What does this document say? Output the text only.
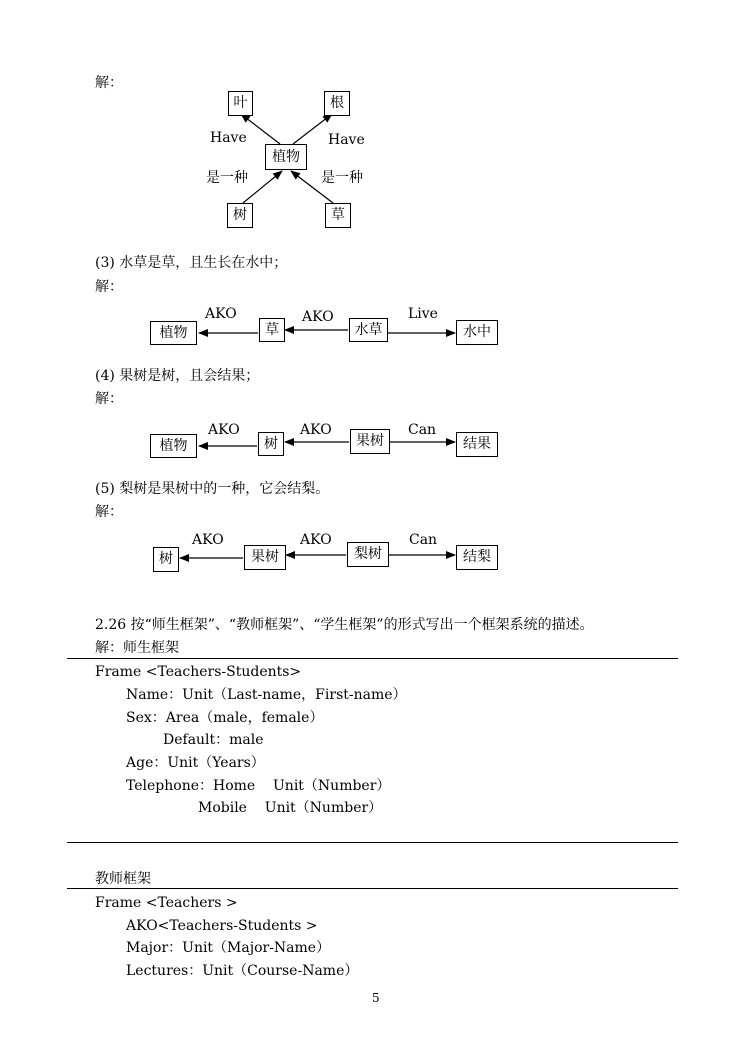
解：
叶	根
植物
树	草
Have	Have
是一种	是一种
(3) 水草是草，且生长在水中；
解：
植物	草	水草	水中
AKO	AKO	Live
(4) 果树是树，且会结果；
解：
植物	树	果树	结果
AKO	AKO	Can
(5) 梨树是果树中的一种，它会结梨。
解：
树	果树	梨树	结梨
AKO	AKO	Can
2.26 按“师生框架”、“教师框架”、“学生框架”的形式写出一个框架系统的描述。
解：师生框架
Frame <Teachers-Students>
Name：Unit（Last-name，First-name）
Sex：Area（male，female）
Default：male
Age：Unit（Years）
Telephone：Home    Unit（Number）
Mobile    Unit（Number）
教师框架
Frame <Teachers >
AKO<Teachers-Students >
Major：Unit（Major-Name）
Lectures：Unit（Course-Name）
5
